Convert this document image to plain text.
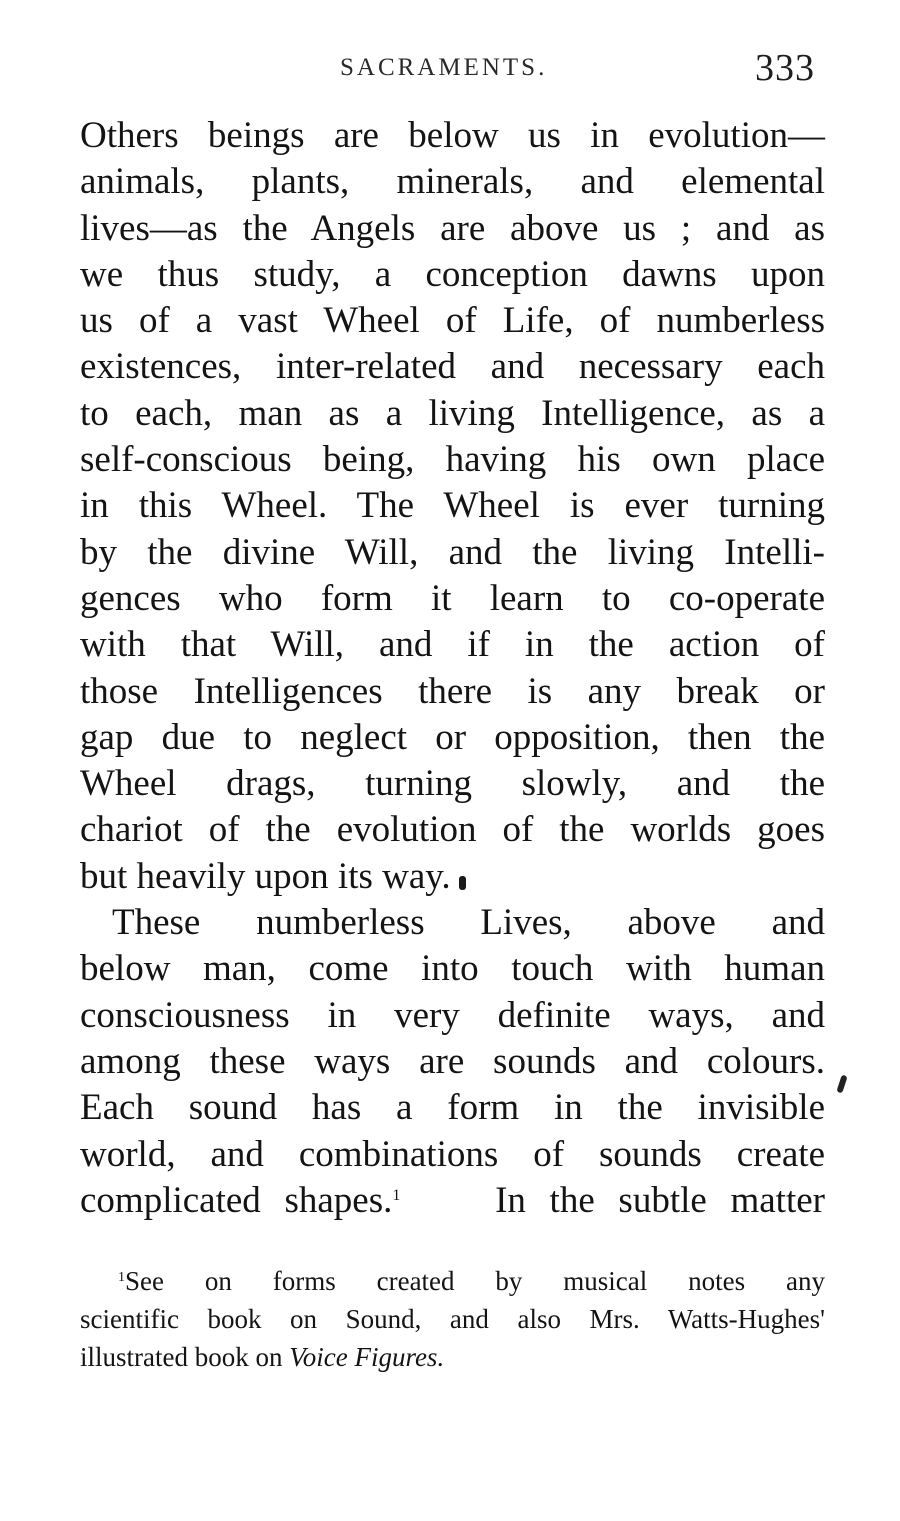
SACRAMENTS.	333
Others beings are below us in evolution—
animals, plants, minerals, and elemental
lives—as the Angels are above us ; and as
we thus study, a conception dawns upon
us of a vast Wheel of Life, of numberless
existences, inter-related and necessary each
to each, man as a living Intelligence, as a
self-conscious being, having his own place
in this Wheel. The Wheel is ever turning
by the divine Will, and the living Intelli-
gences who form it learn to co-operate
with that Will, and if in the action of
those Intelligences there is any break or
gap due to neglect or opposition, then the
Wheel drags, turning slowly, and the
chariot of the evolution of the worlds goes
but heavily upon its way.
These numberless Lives, above and
below man, come into touch with human
consciousness in very definite ways, and
among these ways are sounds and colours.
Each sound has a form in the invisible
world, and combinations of sounds create
complicated shapes.$^1$	In the subtle matter
$^1$See on forms created by musical notes any
scientific book on Sound, and also Mrs. Watts-Hughes'
illustrated book on Voice Figures.
